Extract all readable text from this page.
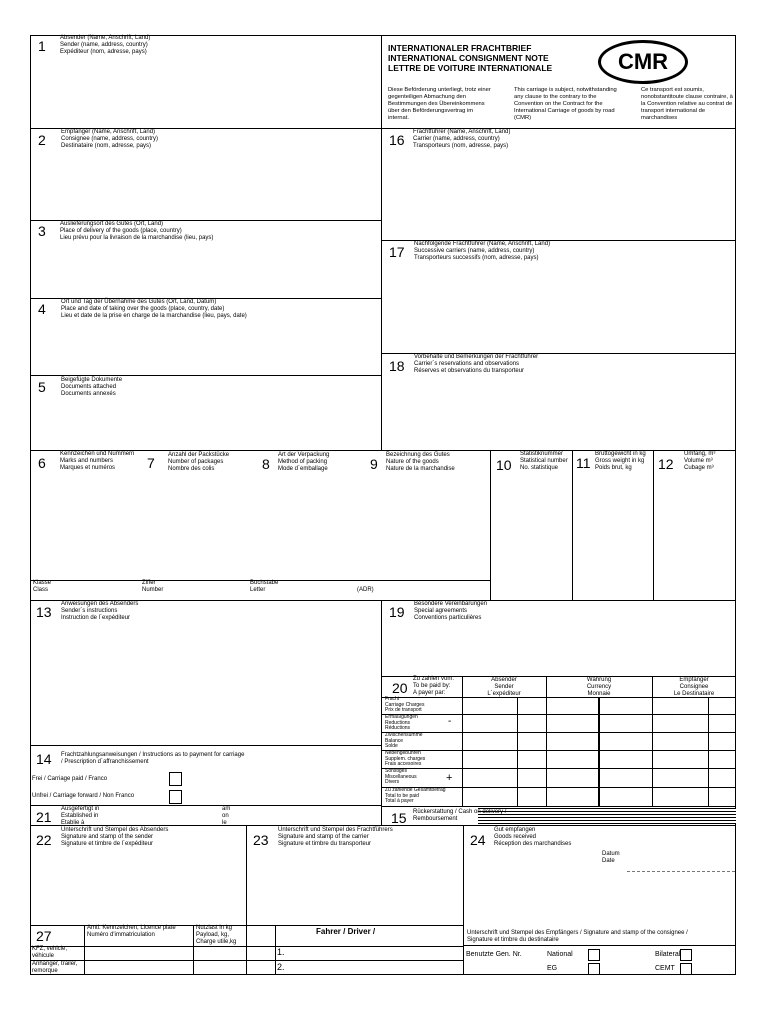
INTERNATIONALER FRACHTBRIEF
INTERNATIONAL CONSIGNMENT NOTE
LETTRE DE VOITURE INTERNATIONALE	CMR
Diese Beförderung unterliegt, trotz einer gegenteiligen Abmachung den Bestimmungen des Übereinkommens über den Beförderungsvertrag im internat.
This carriage is subject, notwithstanding any clause to the contrary to the Convention on the Contract for the International Carriage of goods by road (CMR)
Ce transport est soumis, nonobstantitoute clause contraire, à la Convention relative au contrat de transport international de marchandises
1 Absender (Name, Anschrift, Land)
Sender (name, address, country)
Expéditeur (nom, adresse, pays)
2	Empfänger (Name, Anschrift, Land)
Consignee (name, address, country)
Destinataire (nom, adresse, pays)
3 Auslieferungsort des Gutes (Ort, Land)
Place of delivery of the goods (place, country)
Lieu prévu pour la livraison de la marchandise (lieu, pays)
4	Ort und Tag der Übernahme des Gutes (Ort, Land, Datum)
Place and date of taking over the goods (place, country, date)
Lieu et date de la prise en charge de la marchandise (lieu, pays, date)
5	Beigefügte Dokumente
Documents attached
Documents annexés
16 Frachtführer (Name, Anschrift, Land)
Carrier (name, address, country)
Transporteurs (nom, adresse, pays)
17 Nachfolgende Frachtführer (Name, Anschrift, Land)
Successive carriers (name, address, country)
Transporteurs successifs (nom, adresse, pays)
18
Vorbehalte und Bemerkungen der Frachtführer
Carrier´s reservations and observations
Réserves et observations du transporteur
6
Kennzeichen und Nummern
Marks and numbers
Marques et numéros	7 Anzahl der Packstücke
Number of packages
Nombre des colis	8
Art der Verpackung
Method of packing
Mode d´emballage	9
Bezeichnung des Gutes
Nature of the goods
Nature de la marchandise	10
Statistiknummer
Statistical number
No. statistique	11
Bruttogewicht in kg
Gross weight in kg
Poids brut, kg	12
Umfang, m³
Volume m³
Cubage m³
Klasse
Class
Ziffer
Number
Buchstabe
Letter	(ADR)
13 Anweisungen des Absenders
Sender´s instructions
Instruction de l´expéditeur
14 Frachtzahlungsanweisungen / Instructions as to payment for carriage
/ Prescription d´affranchissement
Frei / Carriage paid / Franco
Unfrei / Carriage forward / Non Franco
19 Besondere Vereinbarungen
Special agreements
Conventions particulières
20
Zu zahlen vom:
To be paid by:
A payer par:
Absender
Sender
L´expéditeur
Währung
Currency
Monnaie
Empfänger
Consignee
Le Destinataire
Fracht
Carriage Charges
Prix de transport
Ermäßigungen
Reductions
Réductions
-
Zwischensumme
Balance
Solde
Nebengebühren
Supplem. charges
Frais accesoires
Sonstiges
Miscellaneous
Divers	+
Zu zahlende Gesamtbetrag
Total to be paid
Total à payer
21 Ausgefertigt in
Established in
Etablie à
am
on
le	15 Rückerstattung / Cash on delivery /
Remboursement
22
Unterschrift und Stempel des Absenders
Signature and stamp of the sender
Signature et timbre de l´expéditeur	23
Unterschrift und Stempel des Frachtführers
Signature and stamp of the carrier
Signature et timbre du transporteur	24
Gut empfangen
Goods received
Réception des marchandises
Datum
Date
Unterschrift und Stempel des Empfängers / Signature and stamp of the consignee /
Signature et timbre du destinataire
27	Amtl. Kennzeichen, Licence plate
Numéro d'immatriculation
Nutzlast in kg
Payload, kg,
Charge utile,kg
Fahrer / Driver /
KFZ, vehicle,
véhicule
Anhänger, trailer,
remorque
1.
2.
Benutzte Gen. Nr.	National	Bilateral
EG	CEMT
